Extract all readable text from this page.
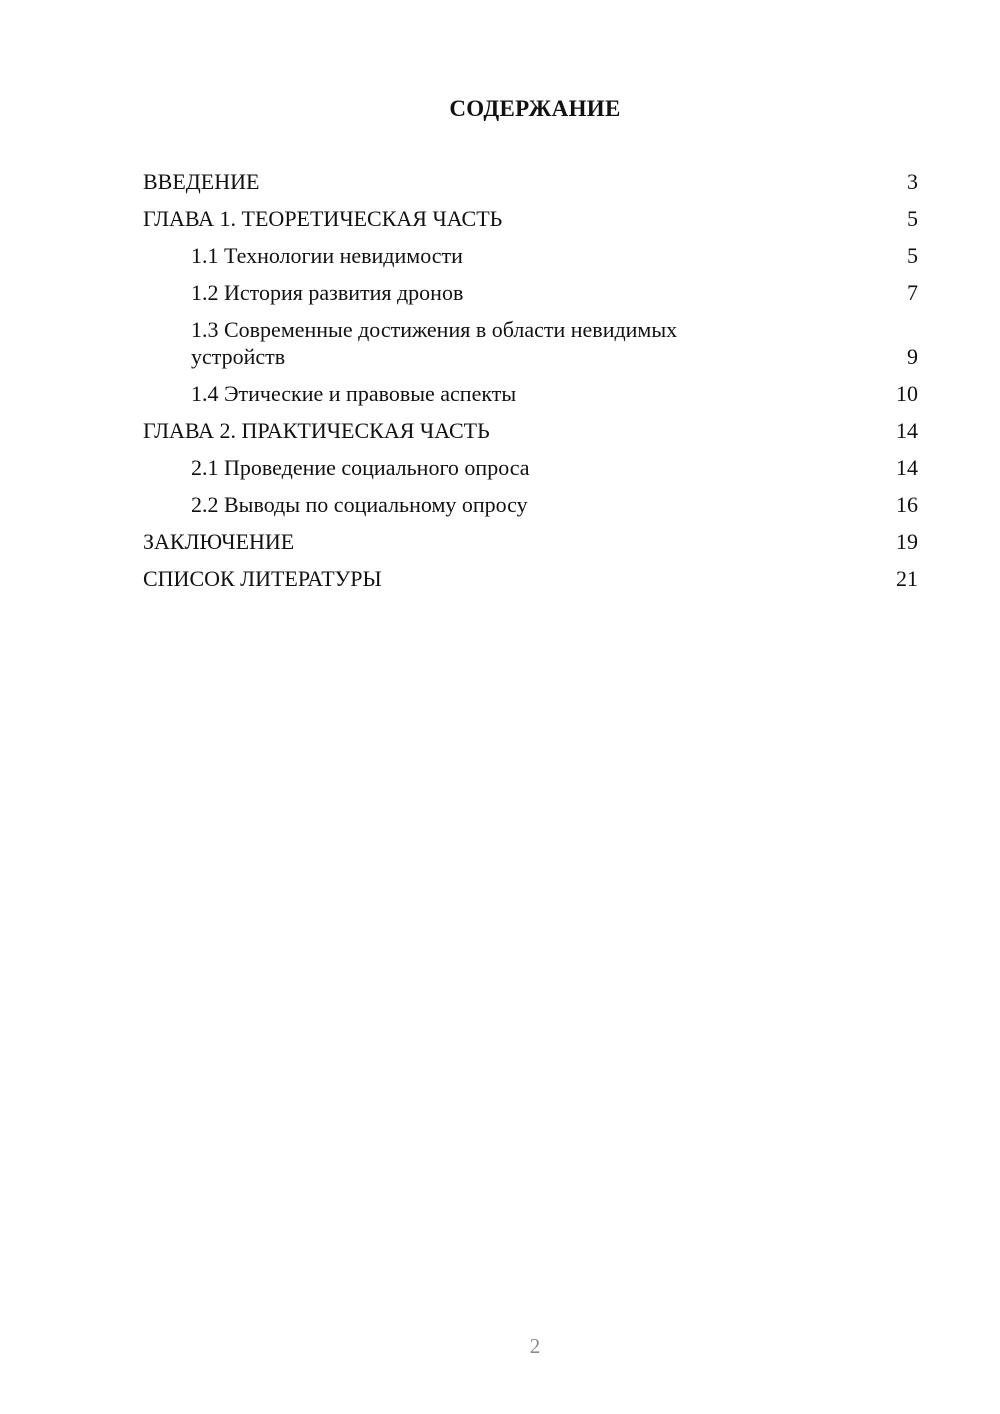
СОДЕРЖАНИЕ
ВВЕДЕНИЕ	3
ГЛАВА 1. ТЕОРЕТИЧЕСКАЯ ЧАСТЬ	5
1.1 Технологии невидимости	5
1.2 История развития дронов	7
1.3 Современные достижения в области невидимых устройств	9
1.4 Этические и правовые аспекты	10
ГЛАВА 2. ПРАКТИЧЕСКАЯ ЧАСТЬ	14
2.1 Проведение социального опроса	14
2.2 Выводы по социальному опросу	16
ЗАКЛЮЧЕНИЕ	19
СПИСОК ЛИТЕРАТУРЫ	21
2
